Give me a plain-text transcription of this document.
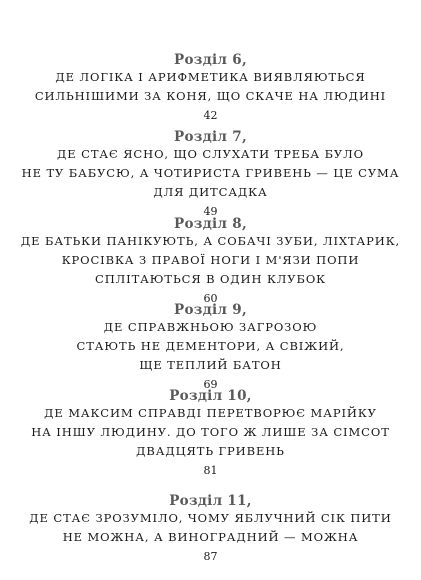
Розділ 6,
ДЕ ЛОГІКА І АРИФМЕТИКА ВИЯВЛЯЮТЬСЯ
СИЛЬНІШИМИ ЗА КОНЯ, ЩО СКАЧЕ НА ЛЮДИНІ
42
Розділ 7,
ДЕ СТАЄ ЯСНО, ЩО СЛУХАТИ ТРЕБА БУЛО
НЕ ТУ БАБУСЮ, А ЧОТИРИСТА ГРИВЕНЬ — ЦЕ СУМА
ДЛЯ ДИТСАДКА
49
Розділ 8,
ДЕ БАТЬКИ ПАНІКУЮТЬ, А СОБАЧІ ЗУБИ, ЛІХТАРИК,
КРОСІВКА З ПРАВОЇ НОГИ І М'ЯЗИ ПОПИ
СПЛІТАЮТЬСЯ В ОДИН КЛУБОК
60
Розділ 9,
ДЕ СПРАВЖНЬОЮ ЗАГРОЗОЮ
СТАЮТЬ НЕ ДЕМЕНТОРИ, А СВІЖИЙ,
ЩЕ ТЕПЛИЙ БАТОН
69
Розділ 10,
ДЕ МАКСИМ СПРАВДІ ПЕРЕТВОРЮЄ МАРІЙКУ
НА ІНШУ ЛЮДИНУ. ДО ТОГО Ж ЛИШЕ ЗА СІМСОТ
ДВАДЦЯТЬ ГРИВЕНЬ
81
Розділ 11,
ДЕ СТАЄ ЗРОЗУМІЛО, ЧОМУ ЯБЛУЧНИЙ СІК ПИТИ
НЕ МОЖНА, А ВИНОГРАДНИЙ — МОЖНА
87
